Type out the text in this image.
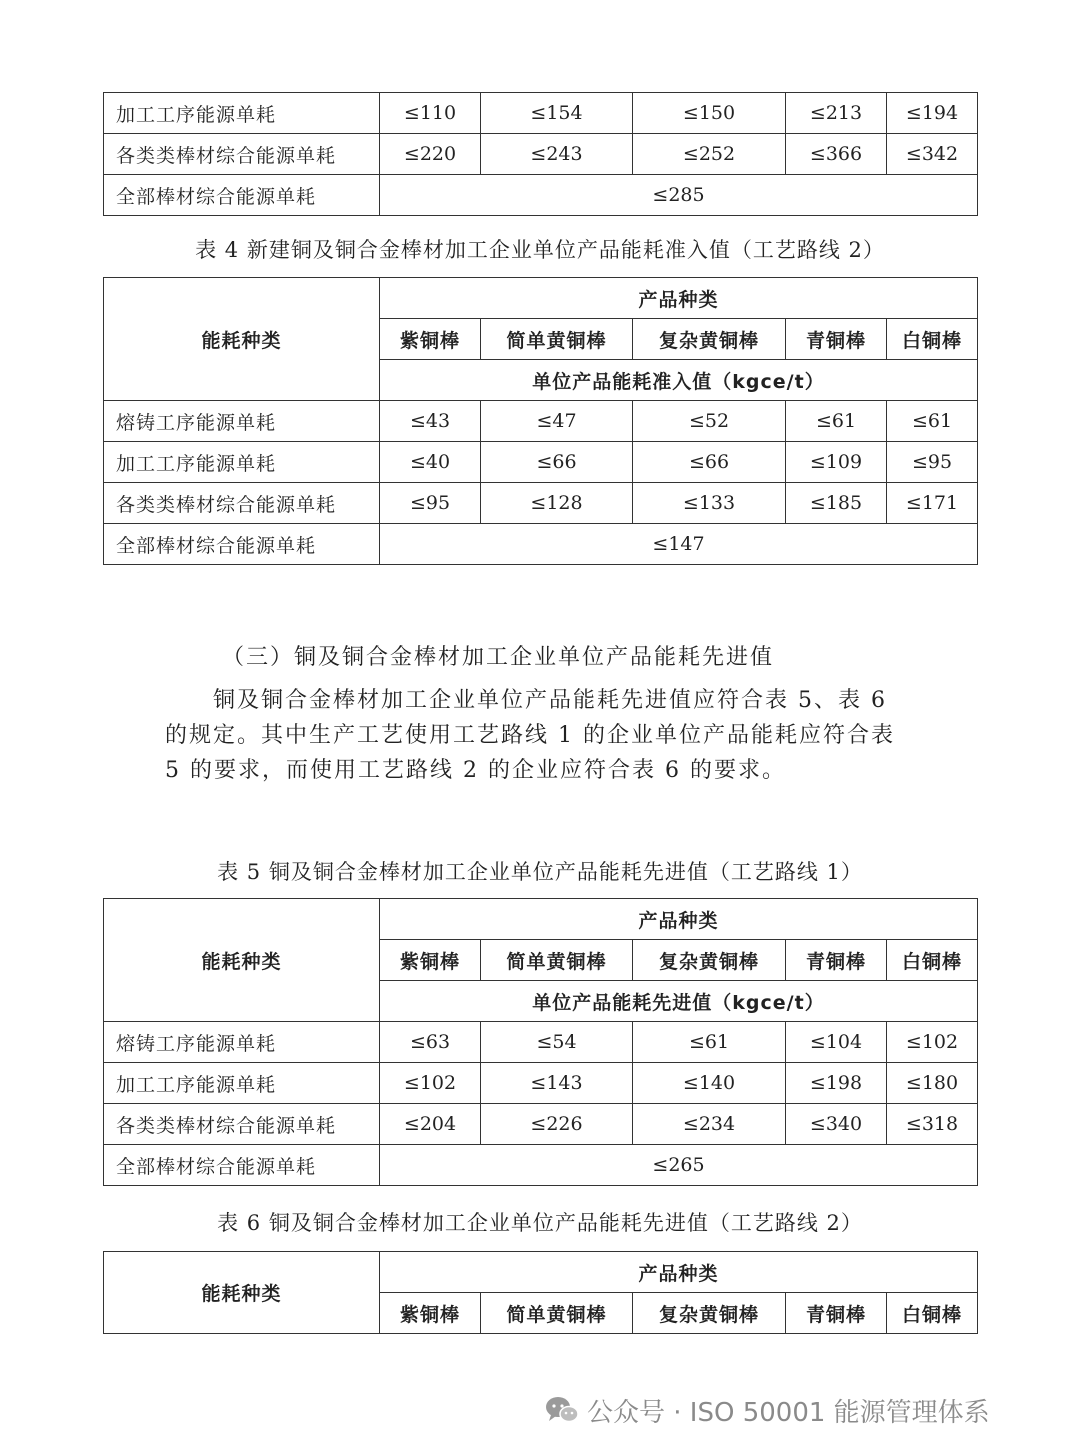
加工工序能源单耗	≤110	≤154	≤150	≤213	≤194
各类类棒材综合能源单耗	≤220	≤243	≤252	≤366	≤342
全部棒材综合能源单耗	≤285				
表 4 新建铜及铜合金棒材加工企业单位产品能耗准入值（工艺路线 2）
能耗种类	产品种类				
	紫铜棒	简单黄铜棒	复杂黄铜棒	青铜棒	白铜棒
	单位产品能耗准入值（kgce/t）				
熔铸工序能源单耗	≤43	≤47	≤52	≤61	≤61
加工工序能源单耗	≤40	≤66	≤66	≤109	≤95
各类类棒材综合能源单耗	≤95	≤128	≤133	≤185	≤171
全部棒材综合能源单耗	≤147				
（三）铜及铜合金棒材加工企业单位产品能耗先进值
铜及铜合金棒材加工企业单位产品能耗先进值应符合表 5、表 6
的规定。其中生产工艺使用工艺路线 1 的企业单位产品能耗应符合表
5 的要求，而使用工艺路线 2 的企业应符合表 6 的要求。
表 5 铜及铜合金棒材加工企业单位产品能耗先进值（工艺路线 1）
能耗种类	产品种类				
	紫铜棒	简单黄铜棒	复杂黄铜棒	青铜棒	白铜棒
	单位产品能耗先进值（kgce/t）				
熔铸工序能源单耗	≤63	≤54	≤61	≤104	≤102
加工工序能源单耗	≤102	≤143	≤140	≤198	≤180
各类类棒材综合能源单耗	≤204	≤226	≤234	≤340	≤318
全部棒材综合能源单耗	≤265				
表 6 铜及铜合金棒材加工企业单位产品能耗先进值（工艺路线 2）
能耗种类	产品种类				
	紫铜棒	简单黄铜棒	复杂黄铜棒	青铜棒	白铜棒
公众号 · ISO 50001 能源管理体系
